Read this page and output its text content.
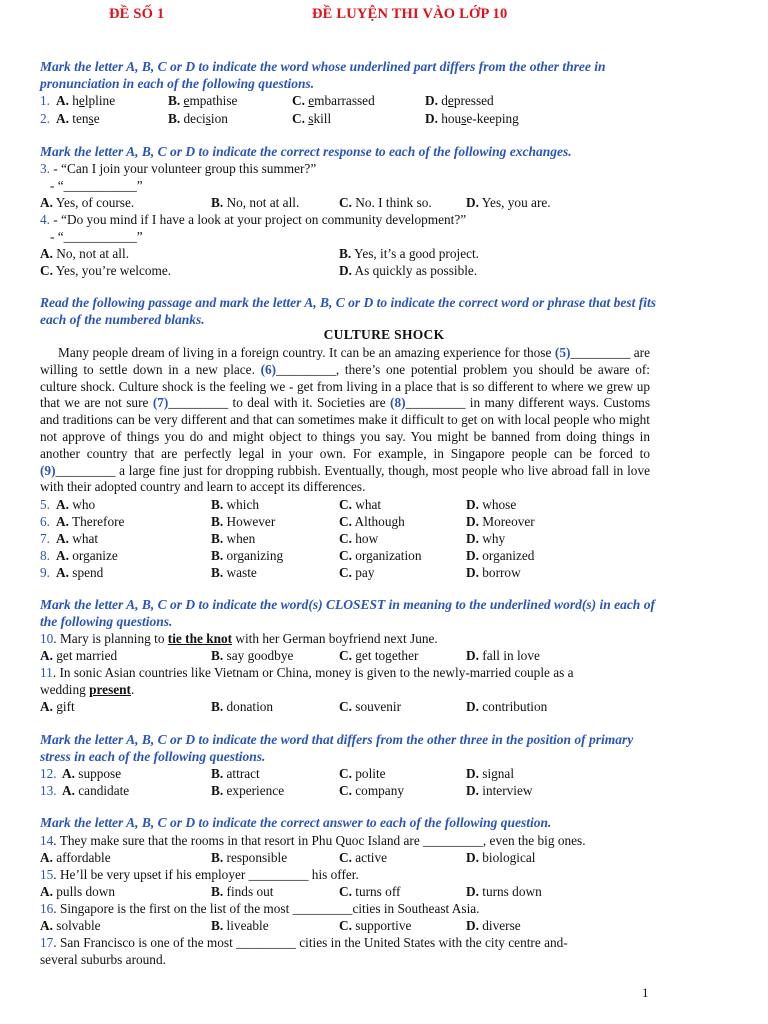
ĐỀ SỐ 1	ĐỀ LUYỆN THI VÀO LỚP 10
Mark the letter A, B, C or D to indicate the word whose underlined part differs from the other three in pronunciation in each of the following questions.
1. A. helpline	B. empathise	C. embarrassed	D. depressed
2. A. tense	B. decision	C. skill	D. house-keeping
Mark the letter A, B, C or D to indicate the correct response to each of the following exchanges.
3. - “Can I join your volunteer group this summer?”
- “___________”
A. Yes, of course.	B. No, not at all.	C. No. I think so.	D. Yes, you are.
4. - “Do you mind if I have a look at your project on community development?”
- “___________”
A. No, not at all.	B. Yes, it’s a good project.
C. Yes, you’re welcome.	D. As quickly as possible.
Read the following passage and mark the letter A, B, C or D to indicate the correct word or phrase that best fits each of the numbered blanks.
CULTURE SHOCK
Many people dream of living in a foreign country. It can be an amazing experience for those (5)_________ are willing to settle down in a new place. (6)_________, there’s one potential problem you should be aware of: culture shock. Culture shock is the feeling we - get from living in a place that is so different to where we grew up that we are not sure (7)_________ to deal with it. Societies are (8)_________ in many different ways. Customs and traditions can be very different and that can sometimes make it difficult to get on with local people who might not approve of things you do and might object to things you say. You might be banned from doing things in another country that are perfectly legal in your own. For example, in Singapore people can be forced to (9)_________ a large fine just for dropping rubbish. Eventually, though, most people who live abroad fall in love with their adopted country and learn to accept its differences.
5. A. who	B. which	C. what	D. whose
6. A. Therefore	B. However	C. Although	D. Moreover
7. A. what	B. when	C. how	D. why
8. A. organize	B. organizing	C. organization	D. organized
9. A. spend	B. waste	C. pay	D. borrow
Mark the letter A, B, C or D to indicate the word(s) CLOSEST in meaning to the underlined word(s) in each of the following questions.
10. Mary is planning to tie the knot with her German boyfriend next June.
A. get married	B. say goodbye	C. get together	D. fall in love
11. In sonic Asian countries like Vietnam or China, money is given to the newly-married couple as a
wedding present.
A. gift	B. donation	C. souvenir	D. contribution
Mark the letter A, B, C or D to indicate the word that differs from the other three in the position of primary stress in each of the following questions.
12. A. suppose	B. attract	C. polite	D. signal
13. A. candidate	B. experience	C. company	D. interview
Mark the letter A, B, C or D to indicate the correct answer to each of the following question.
14. They make sure that the rooms in that resort in Phu Quoc Island are _________, even the big ones.
A. affordable	B. responsible	C. active	D. biological
15. He’ll be very upset if his employer _________ his offer.
A. pulls down	B. finds out	C. turns off	D. turns down
16. Singapore is the first on the list of the most _________cities in Southeast Asia.
A. solvable	B. liveable	C. supportive	D. diverse
17. San Francisco is one of the most _________ cities in the United States with the city centre and-
several suburbs around.
1
